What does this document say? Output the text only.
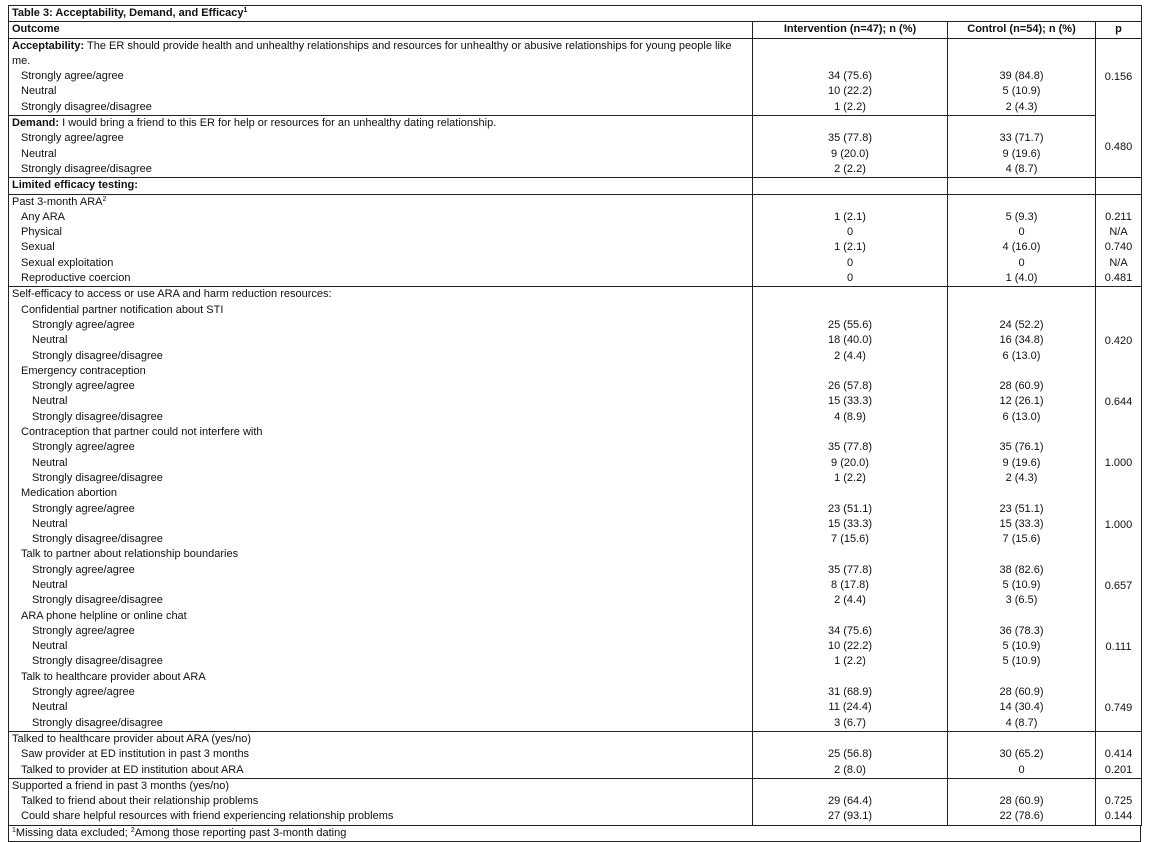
Table 3: Acceptability, Demand, and Efficacy$^1$
Outcome	Intervention (n=47); n (%)	Control (n=54); n (%)	p
Acceptability: The ER should provide health and unhealthy relationships and resources for unhealthy or abusive relationships for young people like me.			0.156
Strongly agree/agree	34 (75.6)	39 (84.8)	
Neutral	10 (22.2)	5 (10.9)	
Strongly disagree/disagree	1 (2.2)	2 (4.3)	
Demand: I would bring a friend to this ER for help or resources for an unhealthy dating relationship.			0.480
Strongly agree/agree	35 (77.8)	33 (71.7)	
Neutral	9 (20.0)	9 (19.6)	
Strongly disagree/disagree	2 (2.2)	4 (8.7)	
Limited efficacy testing:			
Past 3-month ARA$^2$			
Any ARA	1 (2.1)	5 (9.3)	0.211
Physical	0	0	N/A
Sexual	1 (2.1)	4 (16.0)	0.740
Sexual exploitation	0	0	N/A
Reproductive coercion	0	1 (4.0)	0.481
Self-efficacy to access or use ARA and harm reduction resources:			
Confidential partner notification about STI			0.420
Strongly agree/agree	25 (55.6)	24 (52.2)	
Neutral	18 (40.0)	16 (34.8)	
Strongly disagree/disagree	2 (4.4)	6 (13.0)	
Emergency contraception			0.644
Strongly agree/agree	26 (57.8)	28 (60.9)	
Neutral	15 (33.3)	12 (26.1)	
Strongly disagree/disagree	4 (8.9)	6 (13.0)	
Contraception that partner could not interfere with			1.000
Strongly agree/agree	35 (77.8)	35 (76.1)	
Neutral	9 (20.0)	9 (19.6)	
Strongly disagree/disagree	1 (2.2)	2 (4.3)	
Medication abortion			1.000
Strongly agree/agree	23 (51.1)	23 (51.1)	
Neutral	15 (33.3)	15 (33.3)	
Strongly disagree/disagree	7 (15.6)	7 (15.6)	
Talk to partner about relationship boundaries			0.657
Strongly agree/agree	35 (77.8)	38 (82.6)	
Neutral	8 (17.8)	5 (10.9)	
Strongly disagree/disagree	2 (4.4)	3 (6.5)	
ARA phone helpline or online chat			0.111
Strongly agree/agree	34 (75.6)	36 (78.3)	
Neutral	10 (22.2)	5 (10.9)	
Strongly disagree/disagree	1 (2.2)	5 (10.9)	
Talk to healthcare provider about ARA			0.749
Strongly agree/agree	31 (68.9)	28 (60.9)	
Neutral	11 (24.4)	14 (30.4)	
Strongly disagree/disagree	3 (6.7)	4 (8.7)	
Talked to healthcare provider about ARA (yes/no)			
Saw provider at ED institution in past 3 months	25 (56.8)	30 (65.2)	0.414
Talked to provider at ED institution about ARA	2 (8.0)	0	0.201
Supported a friend in past 3 months (yes/no)			
Talked to friend about their relationship problems	29 (64.4)	28 (60.9)	0.725
Could share helpful resources with friend experiencing relationship problems	27 (93.1)	22 (78.6)	0.144
$^1$Missing data excluded; $^2$Among those reporting past 3-month dating
